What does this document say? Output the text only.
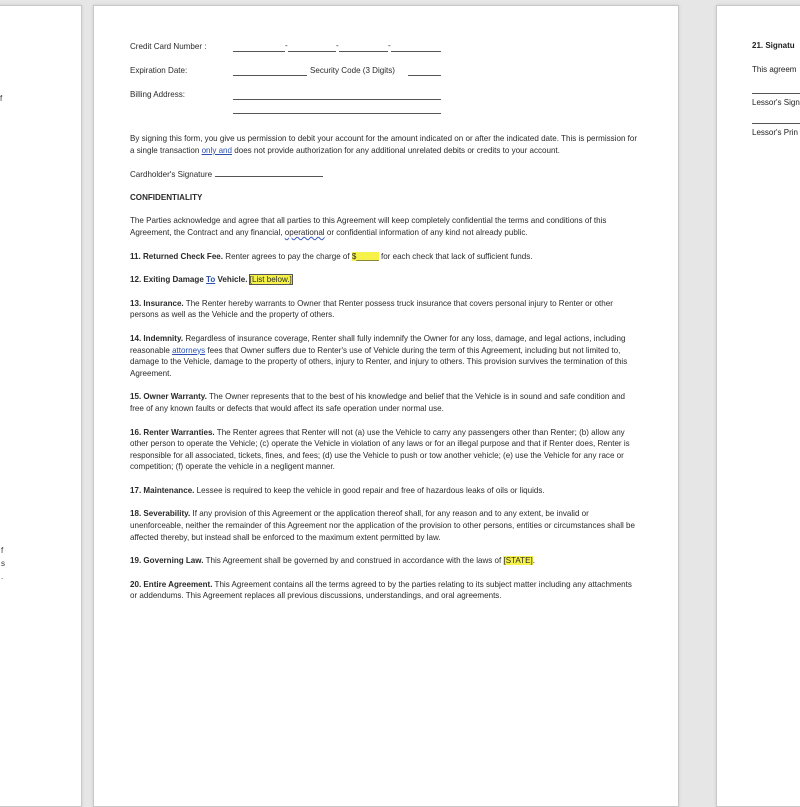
f
f
s
.
Credit Card Number :	-	-	-
Expiration Date:	Security Code (3 Digits)
Billing Address:

By signing this form, you give us permission to debit your account for the amount indicated on or after the indicated date. This is permission for a single transaction only and does not provide authorization for any additional unrelated debits or credits to your account.

Cardholder's Signature

CONFIDENTIALITY

The Parties acknowledge and agree that all parties to this Agreement will keep completely confidential the terms and conditions of this Agreement, the Contract and any financial, operational or confidential information of any kind not already public.

11. Returned Check Fee. Renter agrees to pay the charge of $_____ for each check that lack of sufficient funds.

12. Exiting Damage To Vehicle. [List below.]

13. Insurance. The Renter hereby warrants to Owner that Renter possess truck insurance that covers personal injury to Renter or other persons as well as the Vehicle and the property of others.

14. Indemnity. Regardless of insurance coverage, Renter shall fully indemnify the Owner for any loss, damage, and legal actions, including reasonable attorneys fees that Owner suffers due to Renter's use of Vehicle during the term of this Agreement, including but not limited to, damage to the Vehicle, damage to the property of others, injury to Renter, and injury to others. This provision survives the termination of this Agreement.

15. Owner Warranty. The Owner represents that to the best of his knowledge and belief that the Vehicle is in sound and safe condition and free of any known faults or defects that would affect its safe operation under normal use.

16. Renter Warranties. The Renter agrees that Renter will not (a) use the Vehicle to carry any passengers other than Renter; (b) allow any other person to operate the Vehicle; (c) operate the Vehicle in violation of any laws or for an illegal purpose and that if Renter does, Renter is responsible for all associated, tickets, fines, and fees; (d) use the Vehicle to push or tow another vehicle; (e) use the Vehicle for any race or competition; (f) operate the vehicle in a negligent manner.

17. Maintenance. Lessee is required to keep the vehicle in good repair and free of hazardous leaks of oils or liquids.

18. Severability. If any provision of this Agreement or the application thereof shall, for any reason and to any extent, be invalid or unenforceable, neither the remainder of this Agreement nor the application of the provision to other persons, entities or circumstances shall be affected thereby, but instead shall be enforced to the maximum extent permitted by law.

19. Governing Law. This Agreement shall be governed by and construed in accordance with the laws of [STATE].

20. Entire Agreement. This Agreement contains all the terms agreed to by the parties relating to its subject matter including any attachments or addendums. This Agreement replaces all previous discussions, understandings, and oral agreements.

21. Signatu
This agreem
Lessor's Sign
Lessor's Prin
